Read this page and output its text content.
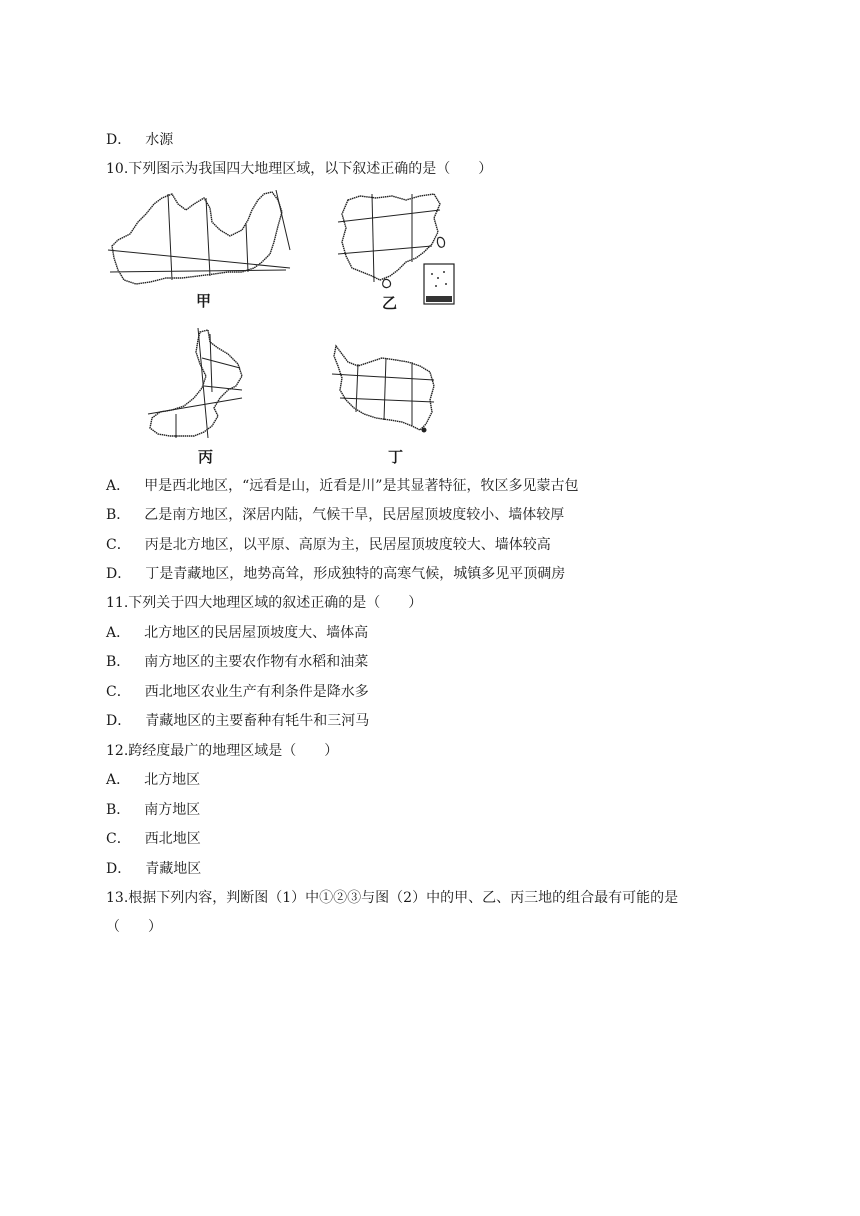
D． 水源
10.下列图示为我国四大地理区域，以下叙述正确的是（　　）
甲	乙
丙	丁
A． 甲是西北地区，“远看是山，近看是川”是其显著特征，牧区多见蒙古包
B． 乙是南方地区，深居内陆，气候干旱，民居屋顶坡度较小、墙体较厚
C． 丙是北方地区，以平原、高原为主，民居屋顶坡度较大、墙体较高
D． 丁是青藏地区，地势高耸，形成独特的高寒气候，城镇多见平顶碉房
11.下列关于四大地理区域的叙述正确的是（　　）
A． 北方地区的民居屋顶坡度大、墙体高
B． 南方地区的主要农作物有水稻和油菜
C． 西北地区农业生产有利条件是降水多
D． 青藏地区的主要畜种有牦牛和三河马
12.跨经度最广的地理区域是（　　）
A． 北方地区
B． 南方地区
C． 西北地区
D． 青藏地区
13.根据下列内容，判断图（1）中①②③与图（2）中的甲、乙、丙三地的组合最有可能的是
（　　）
